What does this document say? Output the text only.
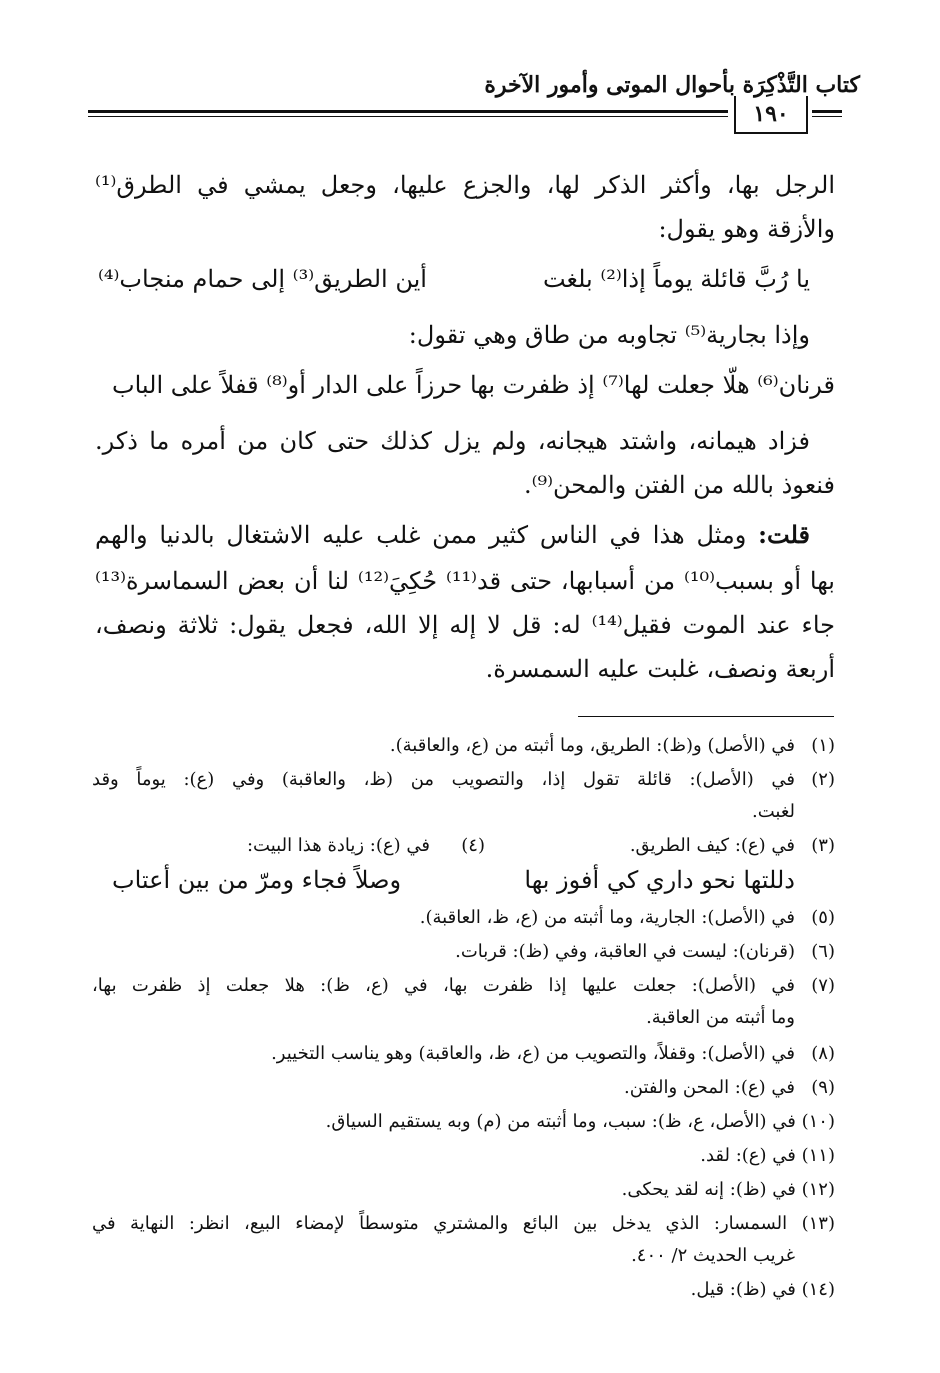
كتاب التَّذْكِرَة بأحوال الموتى وأمور الآخرة
١٩٠
الرجل بها، وأكثر الذكر لها، والجزع عليها، وجعل يمشي في الطرق⁽¹⁾
والأزقة وهو يقول:
يا رُبَّ قائلة يوماً إذا⁽²⁾ بلغت
أين الطريق⁽³⁾ إلى حمام منجاب⁽⁴⁾
وإذا بجارية⁽⁵⁾ تجاوبه من طاق وهي تقول:
قرنان⁽⁶⁾ هلّا جعلت لها⁽⁷⁾ إذ ظفرت بها
حرزاً على الدار أو⁽⁸⁾ قفلاً على الباب
فزاد هيمانه، واشتد هيجانه، ولم يزل كذلك حتى كان من أمره ما ذكر.
فنعوذ بالله من الفتن والمحن⁽⁹⁾.
قلت: ومثل هذا في الناس كثير ممن غلب عليه الاشتغال بالدنيا والهم
بها أو بسبب⁽¹⁰⁾ من أسبابها، حتى قد⁽¹¹⁾ حُكِيَ⁽¹²⁾ لنا أن بعض السماسرة⁽¹³⁾
جاء عند الموت فقيل⁽¹⁴⁾ له: قل لا إله إلا الله، فجعل يقول: ثلاثة ونصف،
أربعة ونصف، غلبت عليه السمسرة.
(١)
في (الأصل) و(ظ): الطريق، وما أثبته من (ع، والعاقبة).
(٢)
في (الأصل): قائلة تقول إذا، والتصويب من (ظ، والعاقبة) وفي (ع): يوماً وقد
لغبت.
(٣)
في (ع): كيف الطريق.
(٤)
في (ع): زيادة هذا البيت:
دللتها نحو داري كي أفوز بها
وصلاً فجاء ومرّ من بين أعتاب
(٥)
في (الأصل): الجارية، وما أثبته من (ع، ظ، العاقبة).
(٦)
(قرنان): ليست في العاقبة، وفي (ظ): قربات.
(٧)
في (الأصل): جعلت عليها إذا ظفرت بها، في (ع، ظ): هلا جعلت إذ ظفرت بها،
وما أثبته من العاقبة.
(٨)
في (الأصل): وقفلاً، والتصويب من (ع، ظ، والعاقبة) وهو يناسب التخيير.
(٩)
في (ع): المحن والفتن.
(١٠) في (الأصل، ع، ظ): سبب، وما أثبته من (م) وبه يستقيم السياق.
(١١) في (ع): لقد.
(١٢) في (ظ): إنه لقد يحكى.
(١٣) السمسار: الذي يدخل بين البائع والمشتري متوسطاً لإمضاء البيع، انظر: النهاية في
غريب الحديث ٢/ ٤٠٠.
(١٤) في (ظ): قيل.
